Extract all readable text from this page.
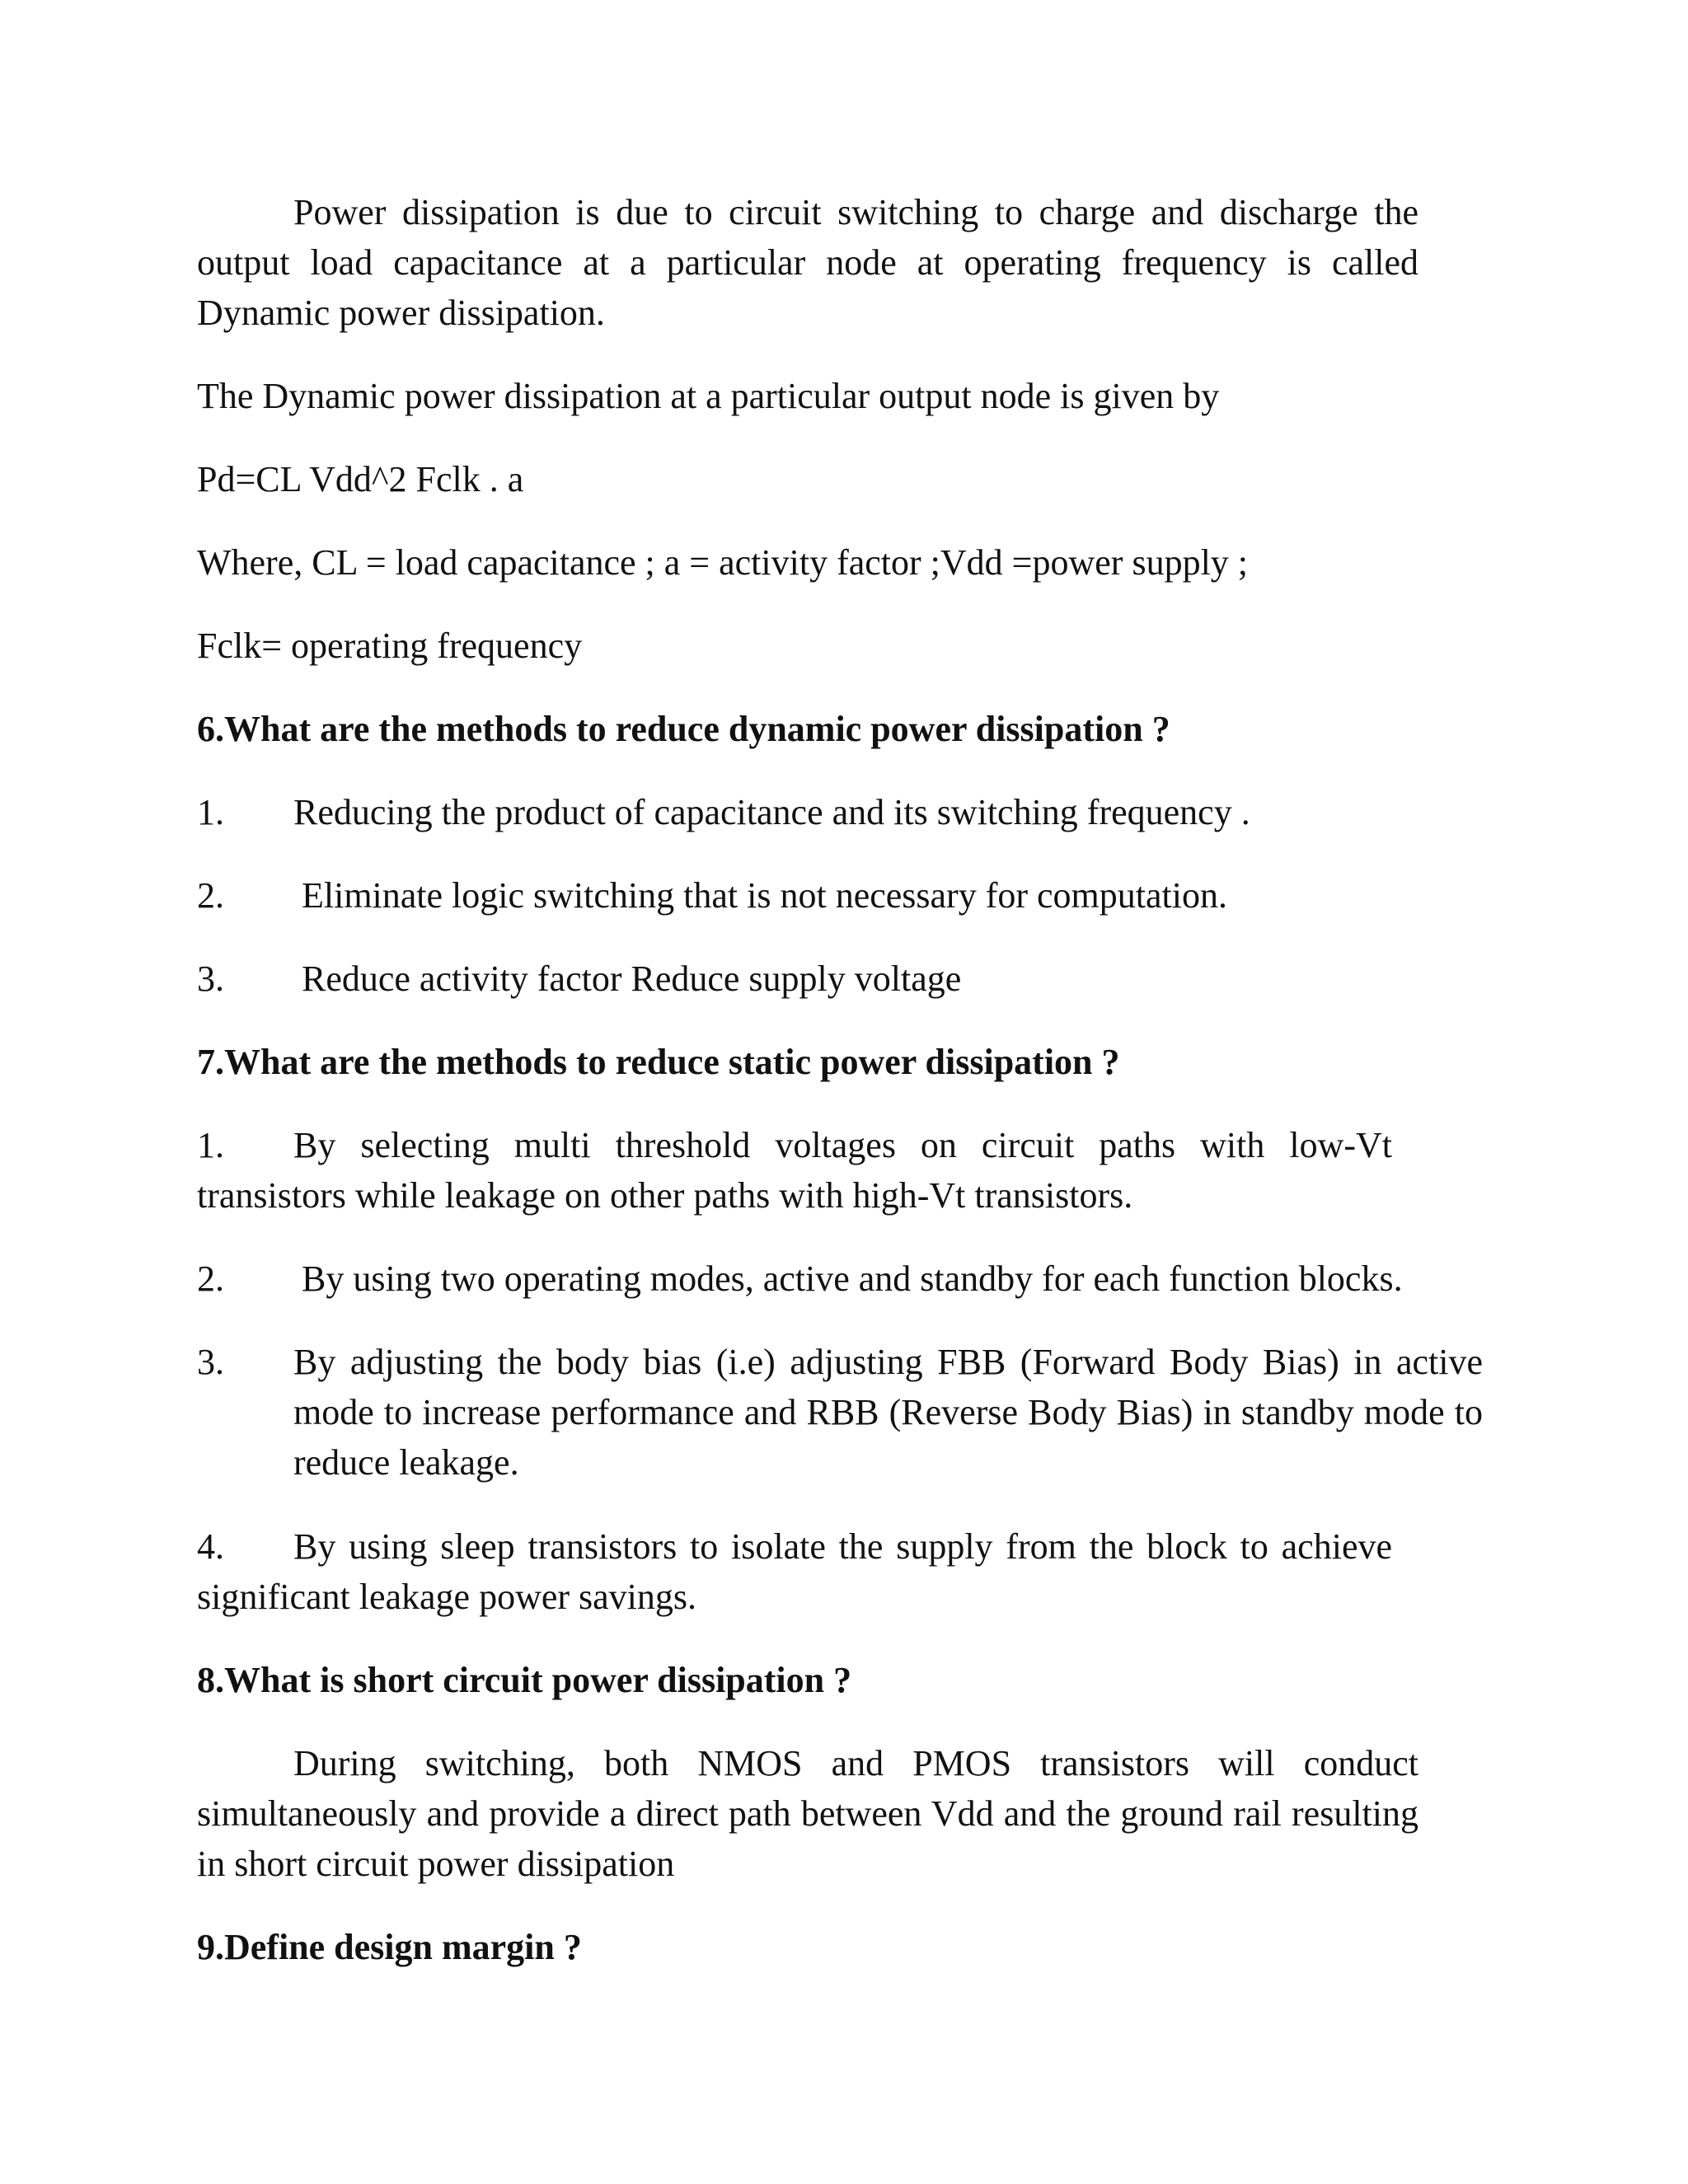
Power dissipation is due to circuit switching to charge and discharge the output load capacitance at a particular node at operating frequency is called Dynamic power dissipation.

The Dynamic power dissipation at a particular output node is given by

Pd=CL Vdd^2 Fclk . a

Where, CL = load capacitance ; a = activity factor ;Vdd =power supply ;

Fclk= operating frequency

6.What are the methods to reduce dynamic power dissipation ?

1. Reducing the product of capacitance and its switching frequency .
2. Eliminate logic switching that is not necessary for computation.
3. Reduce activity factor Reduce supply voltage

7.What are the methods to reduce static power dissipation ?

1. By selecting multi threshold voltages on circuit paths with low-Vt transistors while leakage on other paths with high-Vt transistors.

2. By using two operating modes, active and standby for each function blocks.
3. By adjusting the body bias (i.e) adjusting FBB (Forward Body Bias) in active mode to increase performance and RBB (Reverse Body Bias) in standby mode to reduce leakage.

4. By using sleep transistors to isolate the supply from the block to achieve significant leakage power savings.

8.What is short circuit power dissipation ?

During switching, both NMOS and PMOS transistors will conduct simultaneously and provide a direct path between Vdd and the ground rail resulting in short circuit power dissipation

9.Define design margin ?
